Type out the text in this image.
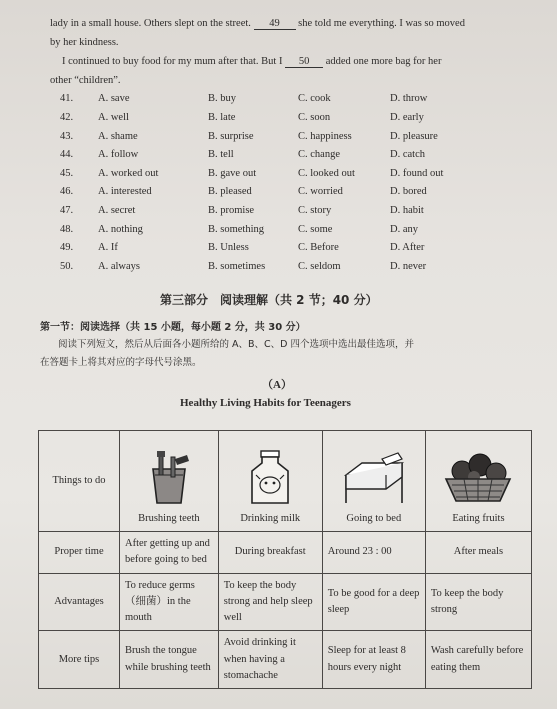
lady in a small house. Others slept on the street. 49 she told me everything. I was so moved
by her kindness.
I continued to buy food for my mum after that. But I 50 added one more bag for her
other “children”.
41. A. save	B. buy	C. cook	D. throw
42. A. well	B. late	C. soon	D. early
43. A. shame	B. surprise	C. happiness	D. pleasure
44. A. follow	B. tell	C. change	D. catch
45. A. worked out	B. gave out	C. looked out	D. found out
46. A. interested	B. pleased	C. worried	D. bored
47. A. secret	B. promise	C. story	D. habit
48. A. nothing	B. something	C. some	D. any
49. A. If	B. Unless	C. Before	D. After
50. A. always	B. sometimes	C. seldom	D. never
第三部分　阅读理解（共 2 节；40 分）
第一节：阅读选择（共 15 小题，每小题 2 分，共 30 分）
阅读下列短文，然后从后面各小题所给的 A、B、C、D 四个选项中选出最佳选项，并
在答题卡上将其对应的字母代号涂黑。
（A）
Healthy Living Habits for Teenagers
Things to do	Brushing teeth	Drinking milk	Going to bed	Eating fruits

Proper time	After getting up and before going to bed	During breakfast	Around 23 : 00	After meals
Advantages	To reduce germs（细菌）in the mouth	To keep the body strong and help sleep well	To be good for a deep sleep	To keep the body strong
More tips	Brush the tongue while brushing teeth	Avoid drinking it when having a stomachache	Sleep for at least 8 hours every night	Wash carefully before eating them
